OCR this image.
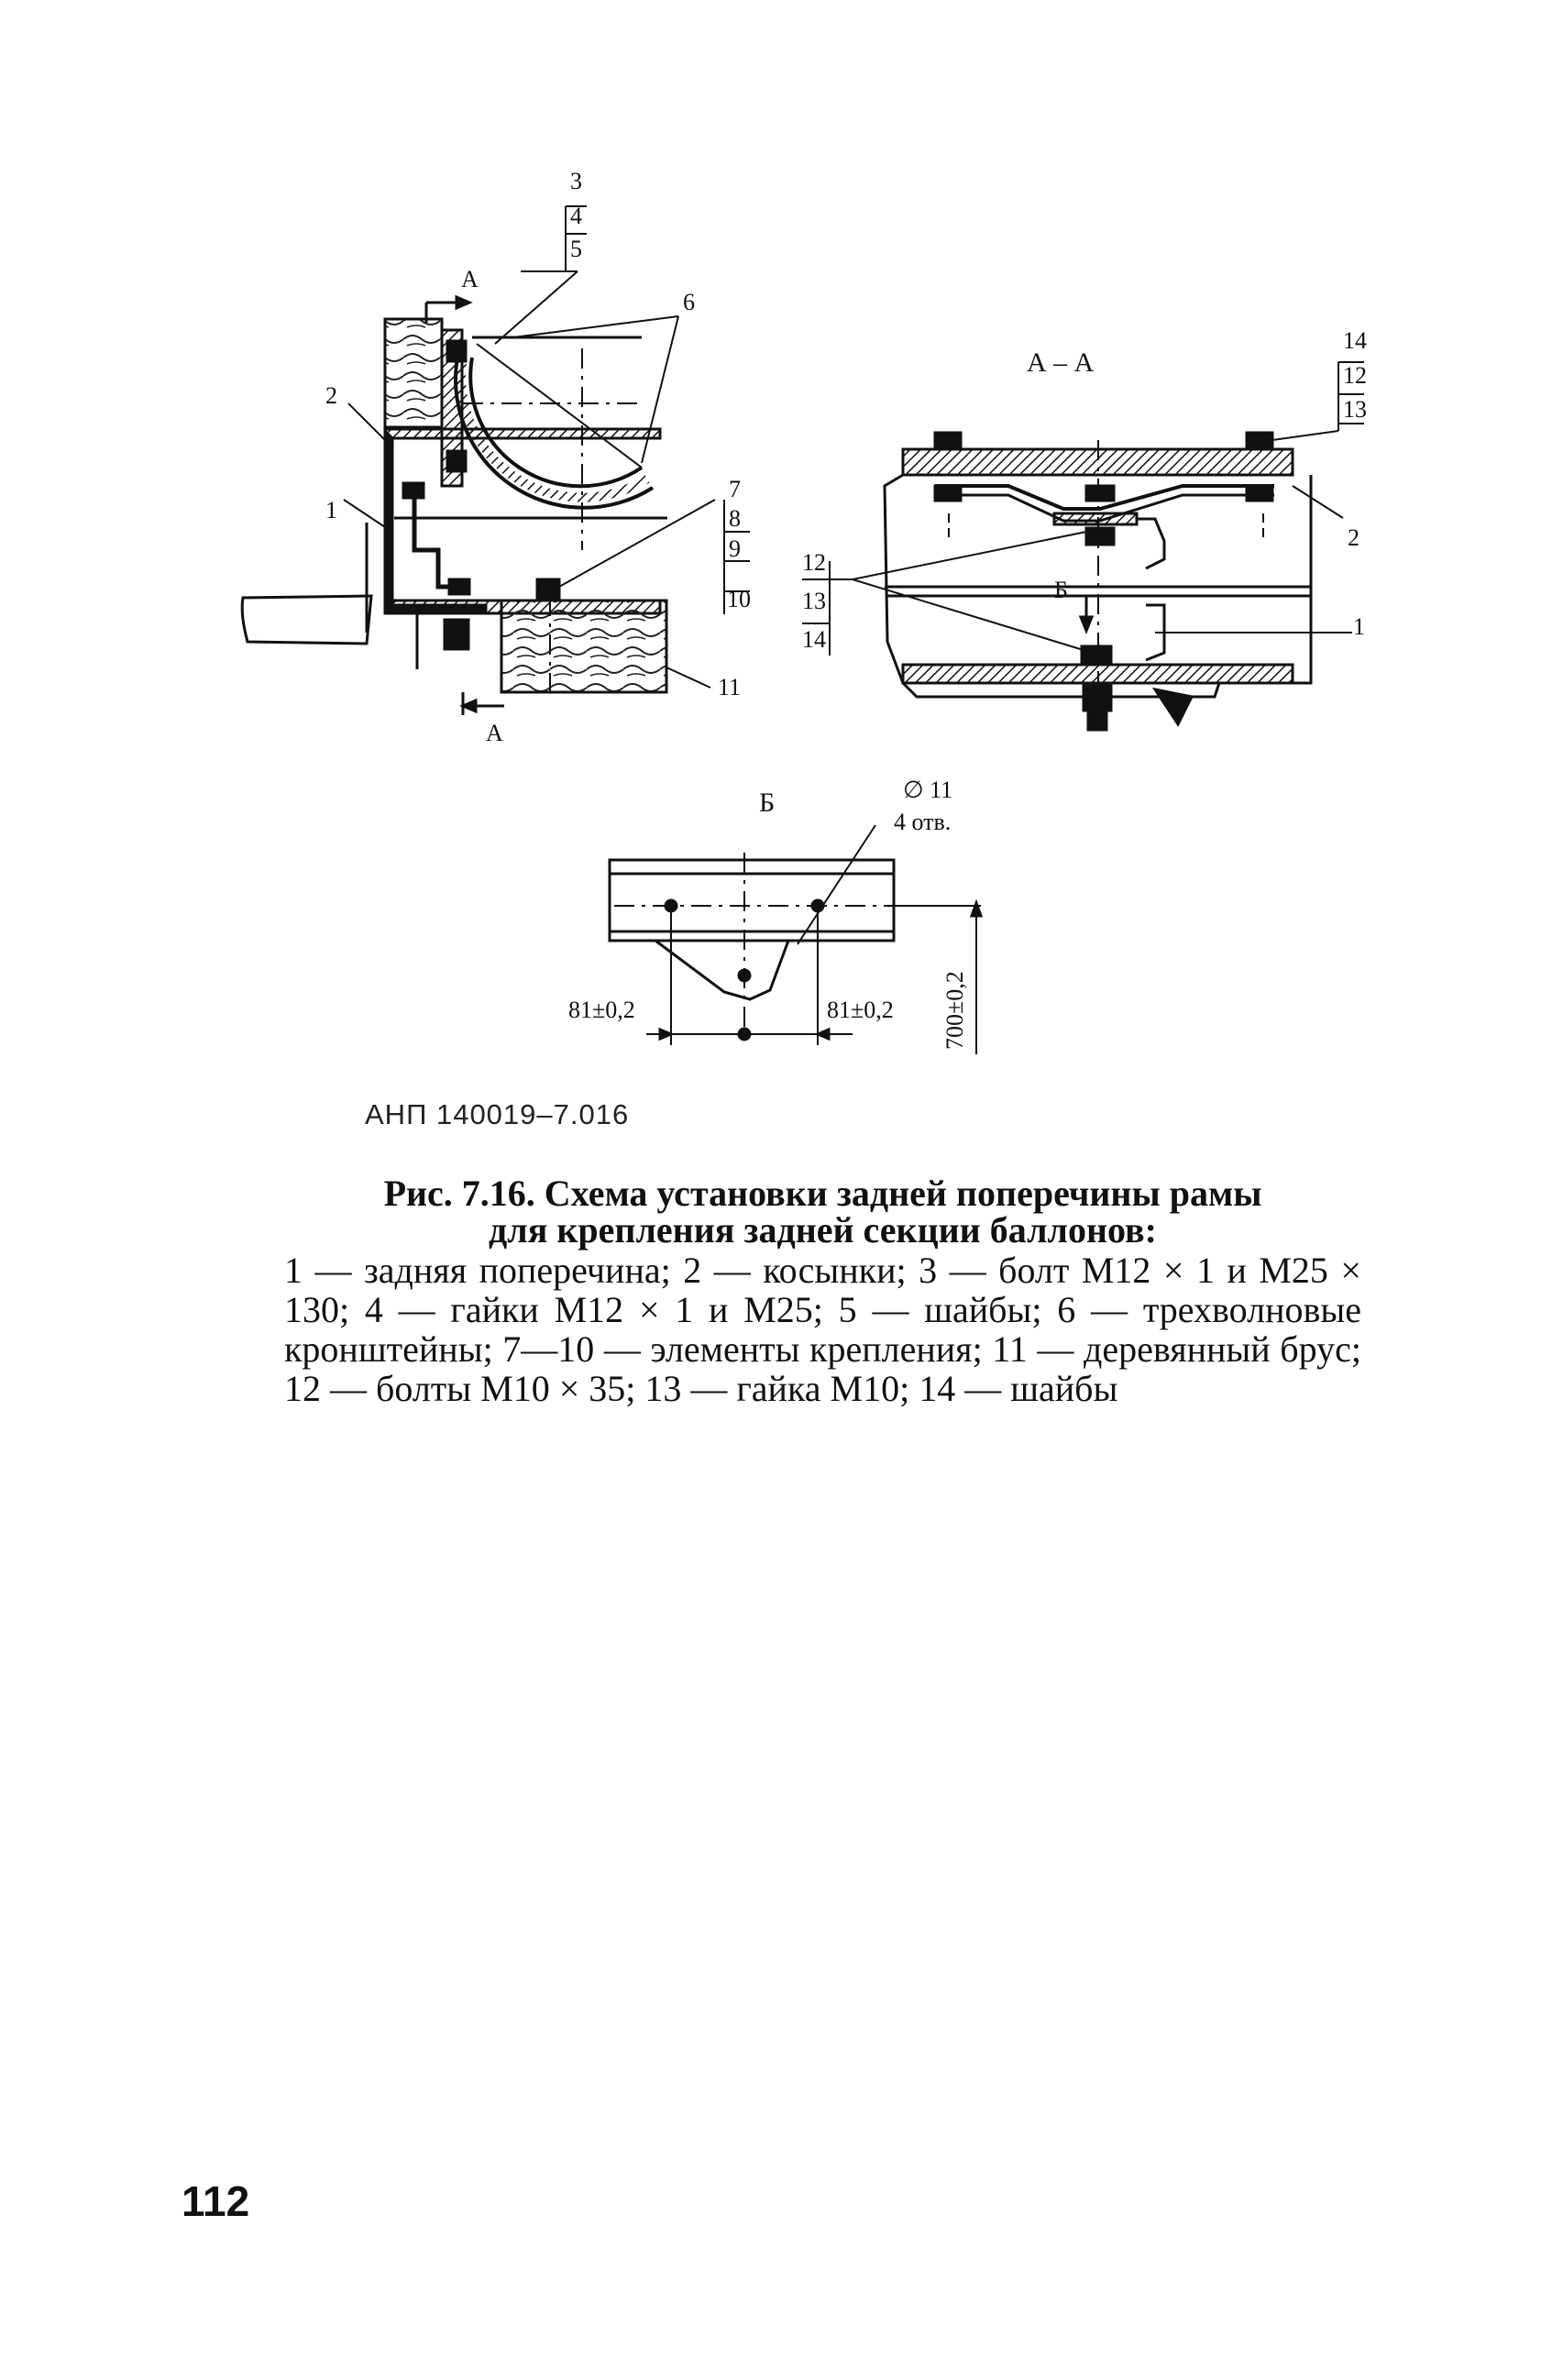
3
4
5
6
2
1
7
8
9
10
11
А
А
А – А
14
12
13
2
1
12
13
14
Б
Б	∅ 11
4 отв.
81±0,2	81±0,2 700±0,2
АНП 140019–7.016
Рис. 7.16. Схема установки задней поперечины рамы
для крепления задней секции баллонов:
1 — задняя поперечина; 2 — косынки; 3 — болт М12 × 1 и М25 × 130; 4 — гайки М12 × 1 и М25; 5 — шайбы; 6 — трехволновые кронштейны; 7—10 — элементы крепления; 11 — деревянный брус; 12 — болты М10 × 35; 13 — гайка М10; 14 — шайбы
112
